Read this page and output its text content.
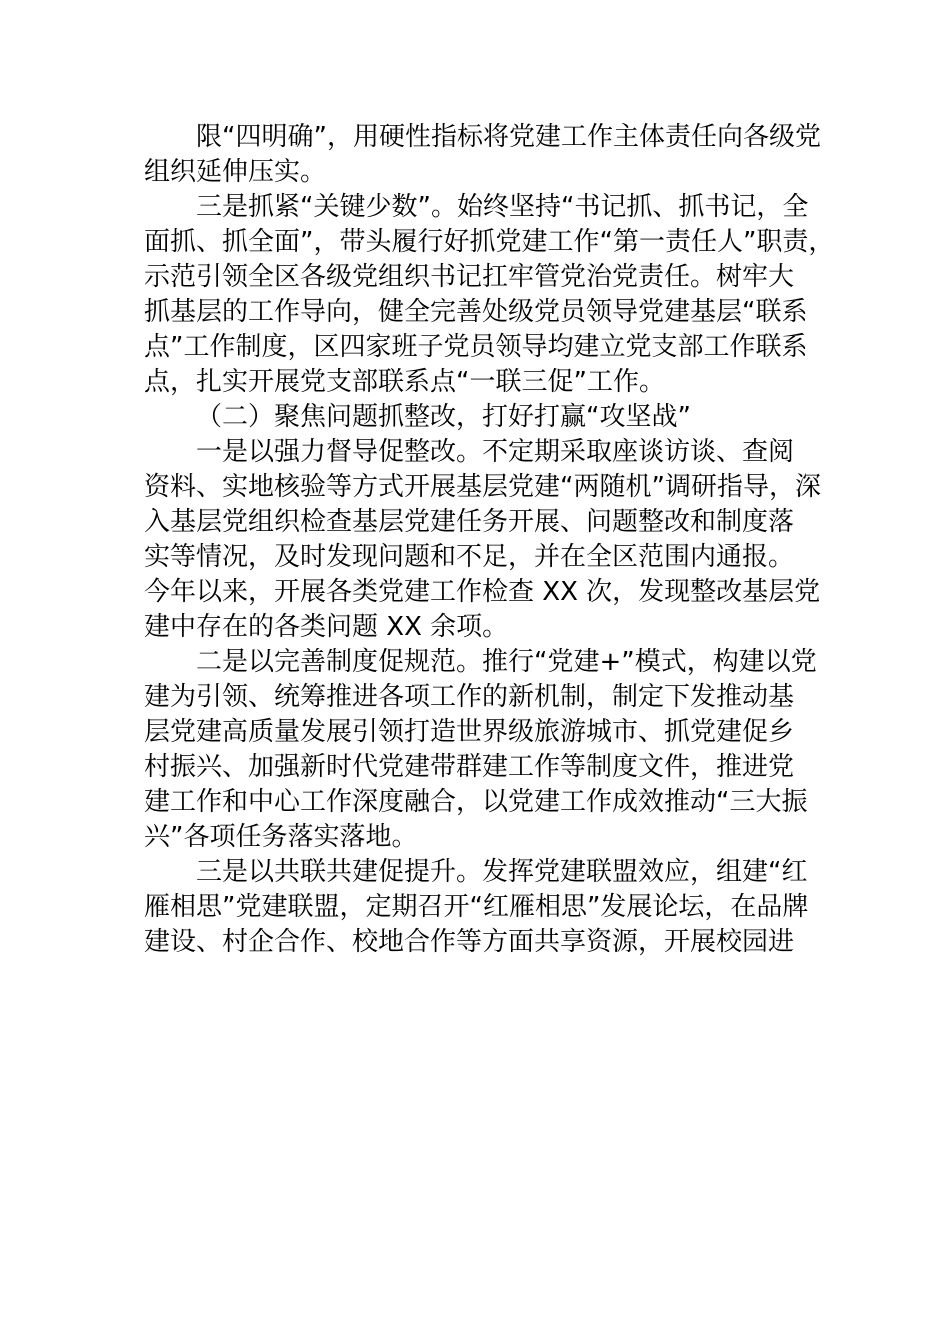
限“四明确”，用硬性指标将党建工作主体责任向各级党
组织延伸压实。
三是抓紧“关键少数”。始终坚持“书记抓、抓书记，全
面抓、抓全面”，带头履行好抓党建工作“第一责任人”职责，
示范引领全区各级党组织书记扛牢管党治党责任。树牢大
抓基层的工作导向，健全完善处级党员领导党建基层“联系
点”工作制度，区四家班子党员领导均建立党支部工作联系
点，扎实开展党支部联系点“一联三促”工作。
（二）聚焦问题抓整改，打好打赢“攻坚战”
一是以强力督导促整改。不定期采取座谈访谈、查阅
资料、实地核验等方式开展基层党建“两随机”调研指导，深
入基层党组织检查基层党建任务开展、问题整改和制度落
实等情况，及时发现问题和不足，并在全区范围内通报。
今年以来，开展各类党建工作检查 XX 次，发现整改基层党
建中存在的各类问题 XX 余项。
二是以完善制度促规范。推行“党建+”模式，构建以党
建为引领、统筹推进各项工作的新机制，制定下发推动基
层党建高质量发展引领打造世界级旅游城市、抓党建促乡
村振兴、加强新时代党建带群建工作等制度文件，推进党
建工作和中心工作深度融合，以党建工作成效推动“三大振
兴”各项任务落实落地。
三是以共联共建促提升。发挥党建联盟效应，组建“红
雁相思”党建联盟，定期召开“红雁相思”发展论坛，在品牌
建设、村企合作、校地合作等方面共享资源，开展校园进
